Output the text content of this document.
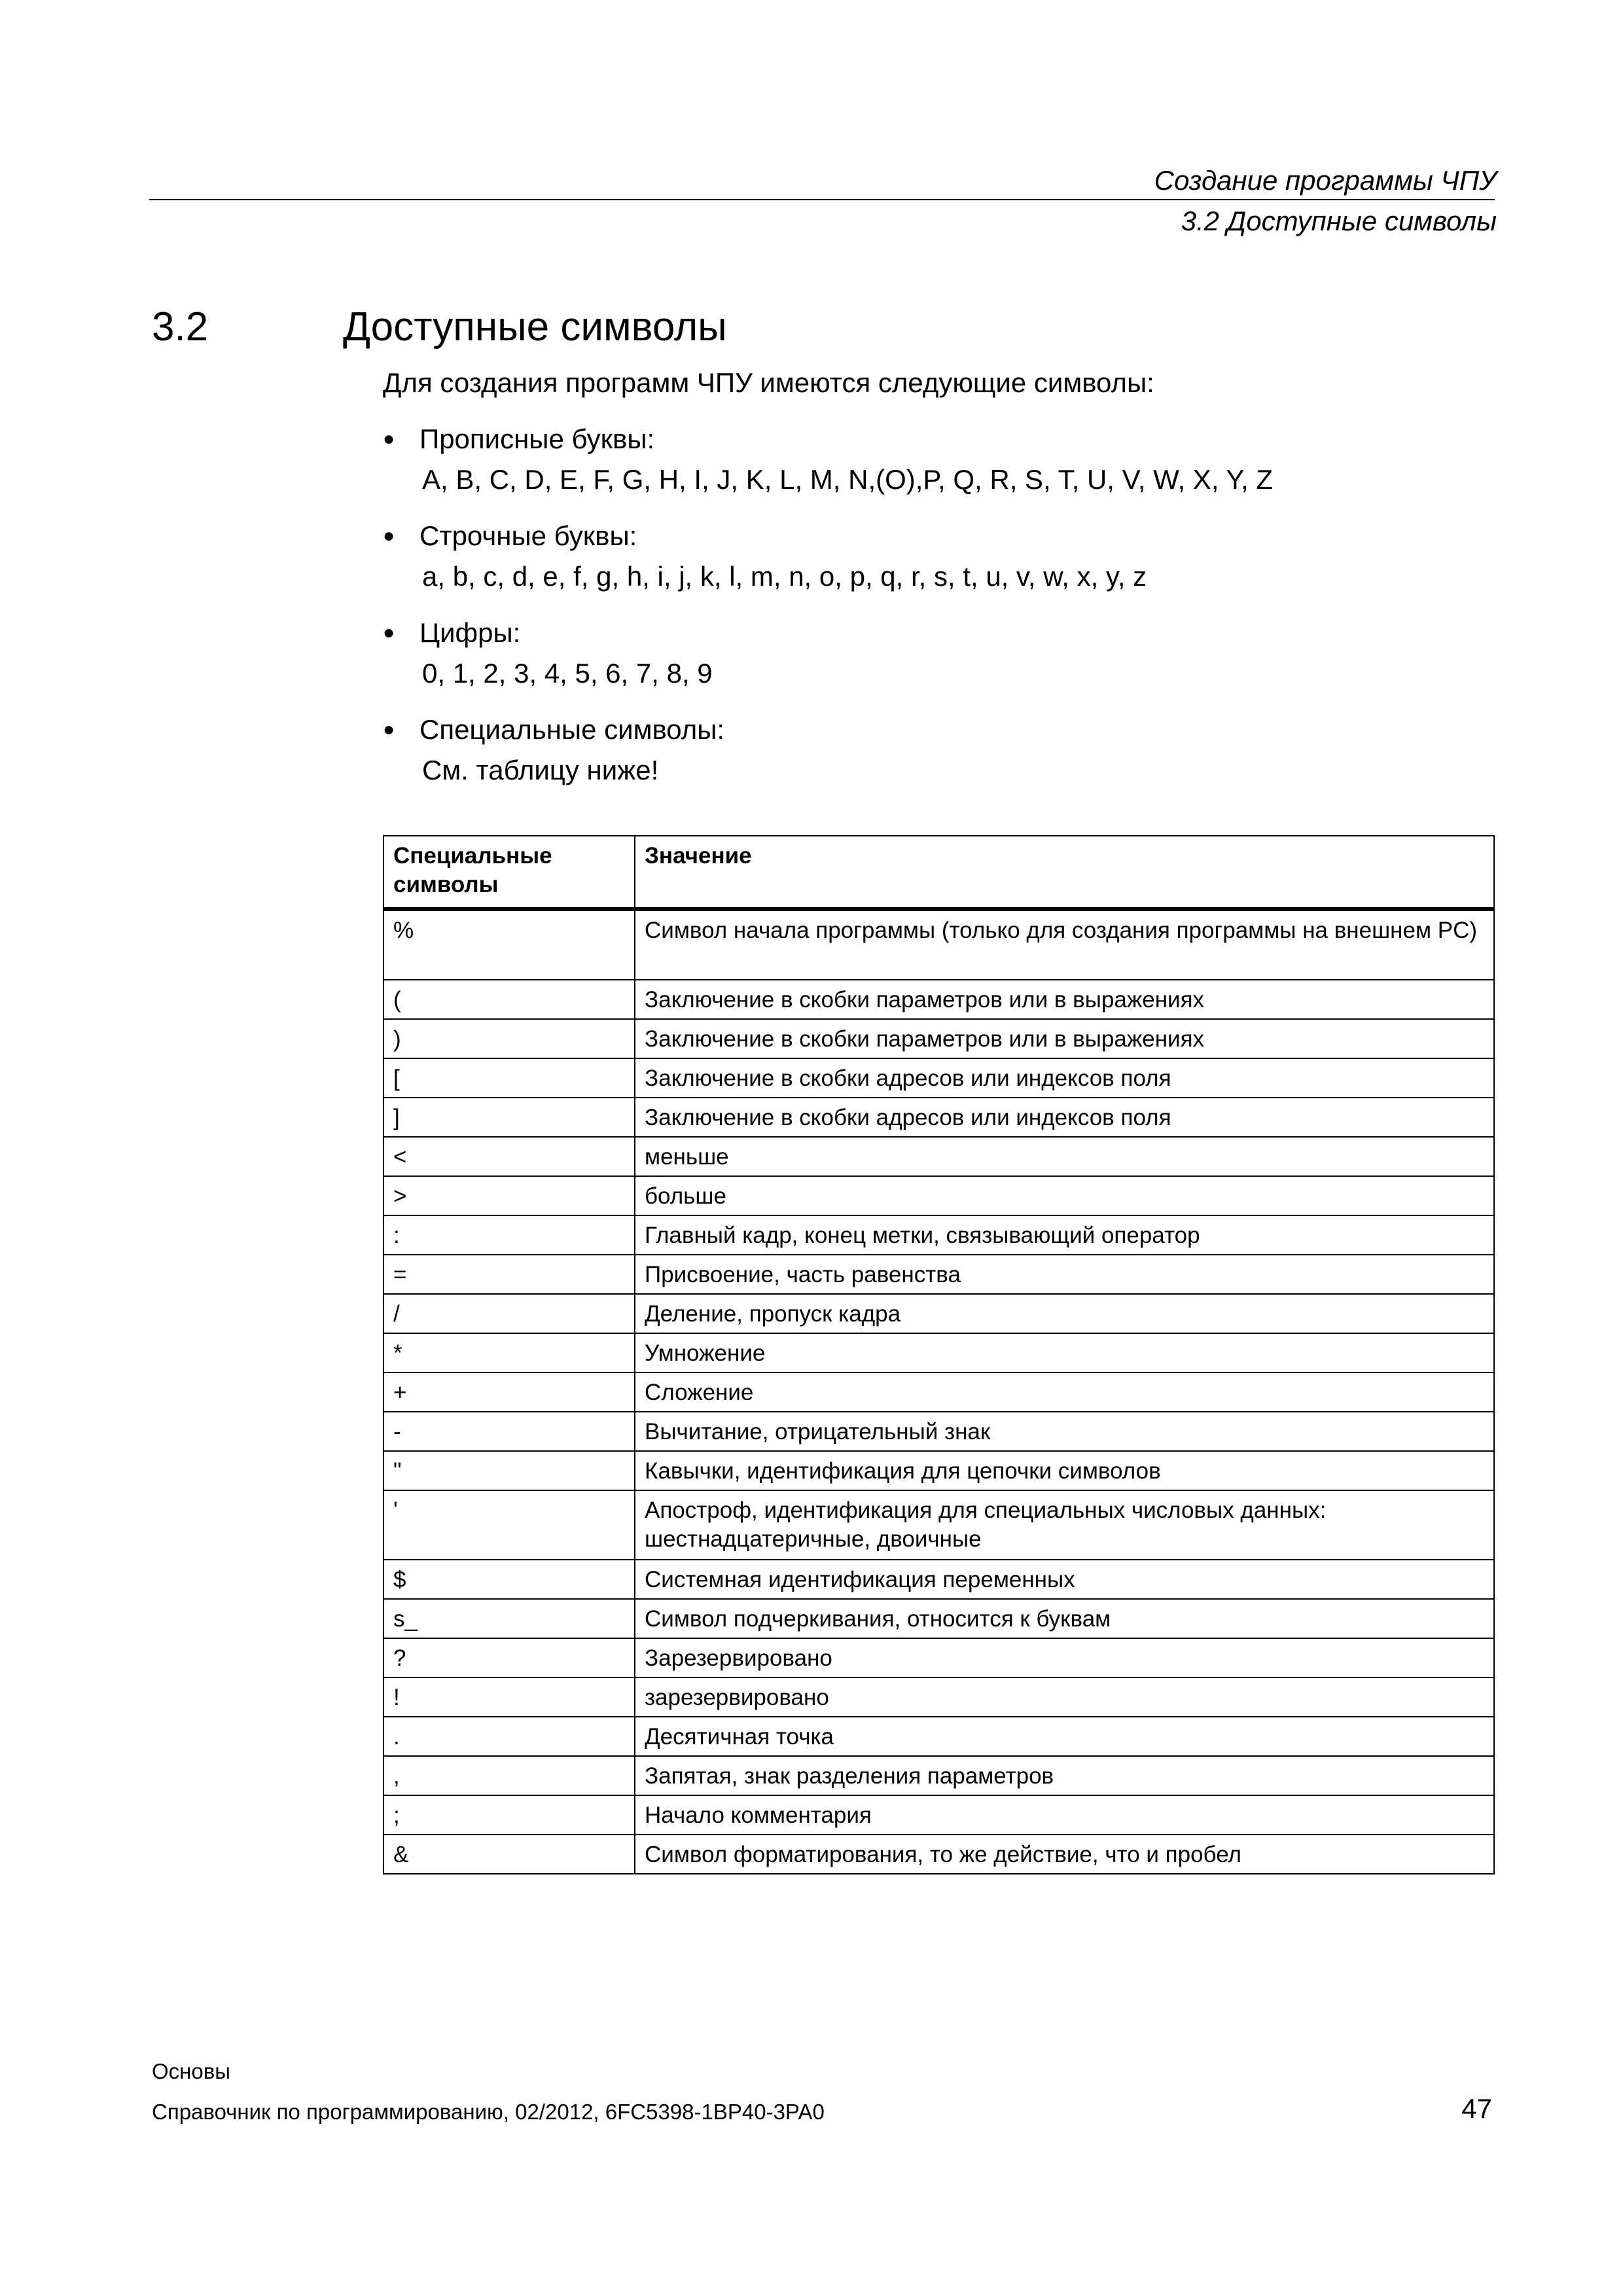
Создание программы ЧПУ
3.2 Доступные символы
3.2	Доступные символы

Для создания программ ЧПУ имеются следующие символы:

● Прописные буквы:
A, B, C, D, E, F, G, H, I, J, K, L, M, N,(O),P, Q, R, S, T, U, V, W, X, Y, Z
● Строчные буквы:
a, b, c, d, e, f, g, h, i, j, k, l, m, n, o, p, q, r, s, t, u, v, w, x, y, z
● Цифры:
0, 1, 2, 3, 4, 5, 6, 7, 8, 9
● Специальные символы:
См. таблицу ниже!
Специальные символы	Значение
%	Символ начала программы (только для создания программы на внешнем PC)
(	Заключение в скобки параметров или в выражениях
)	Заключение в скобки параметров или в выражениях
[	Заключение в скобки адресов или индексов поля
]	Заключение в скобки адресов или индексов поля
<	меньше
>	больше
:	Главный кадр, конец метки, связывающий оператор
=	Присвоение, часть равенства
/	Деление, пропуск кадра
*	Умножение
+	Сложение
-	Вычитание, отрицательный знак
"	Кавычки, идентификация для цепочки символов
'	Апостроф, идентификация для специальных числовых данных: шестнадцатеричные, двоичные
$	Системная идентификация переменных
s_	Символ подчеркивания, относится к буквам
?	Зарезервировано
!	зарезервировано
.	Десятичная точка
,	Запятая, знак разделения параметров
;	Начало комментария
&	Символ форматирования, то же действие, что и пробел
Основы
Справочник по программированию, 02/2012, 6FC5398-1BP40-3PA0	47
